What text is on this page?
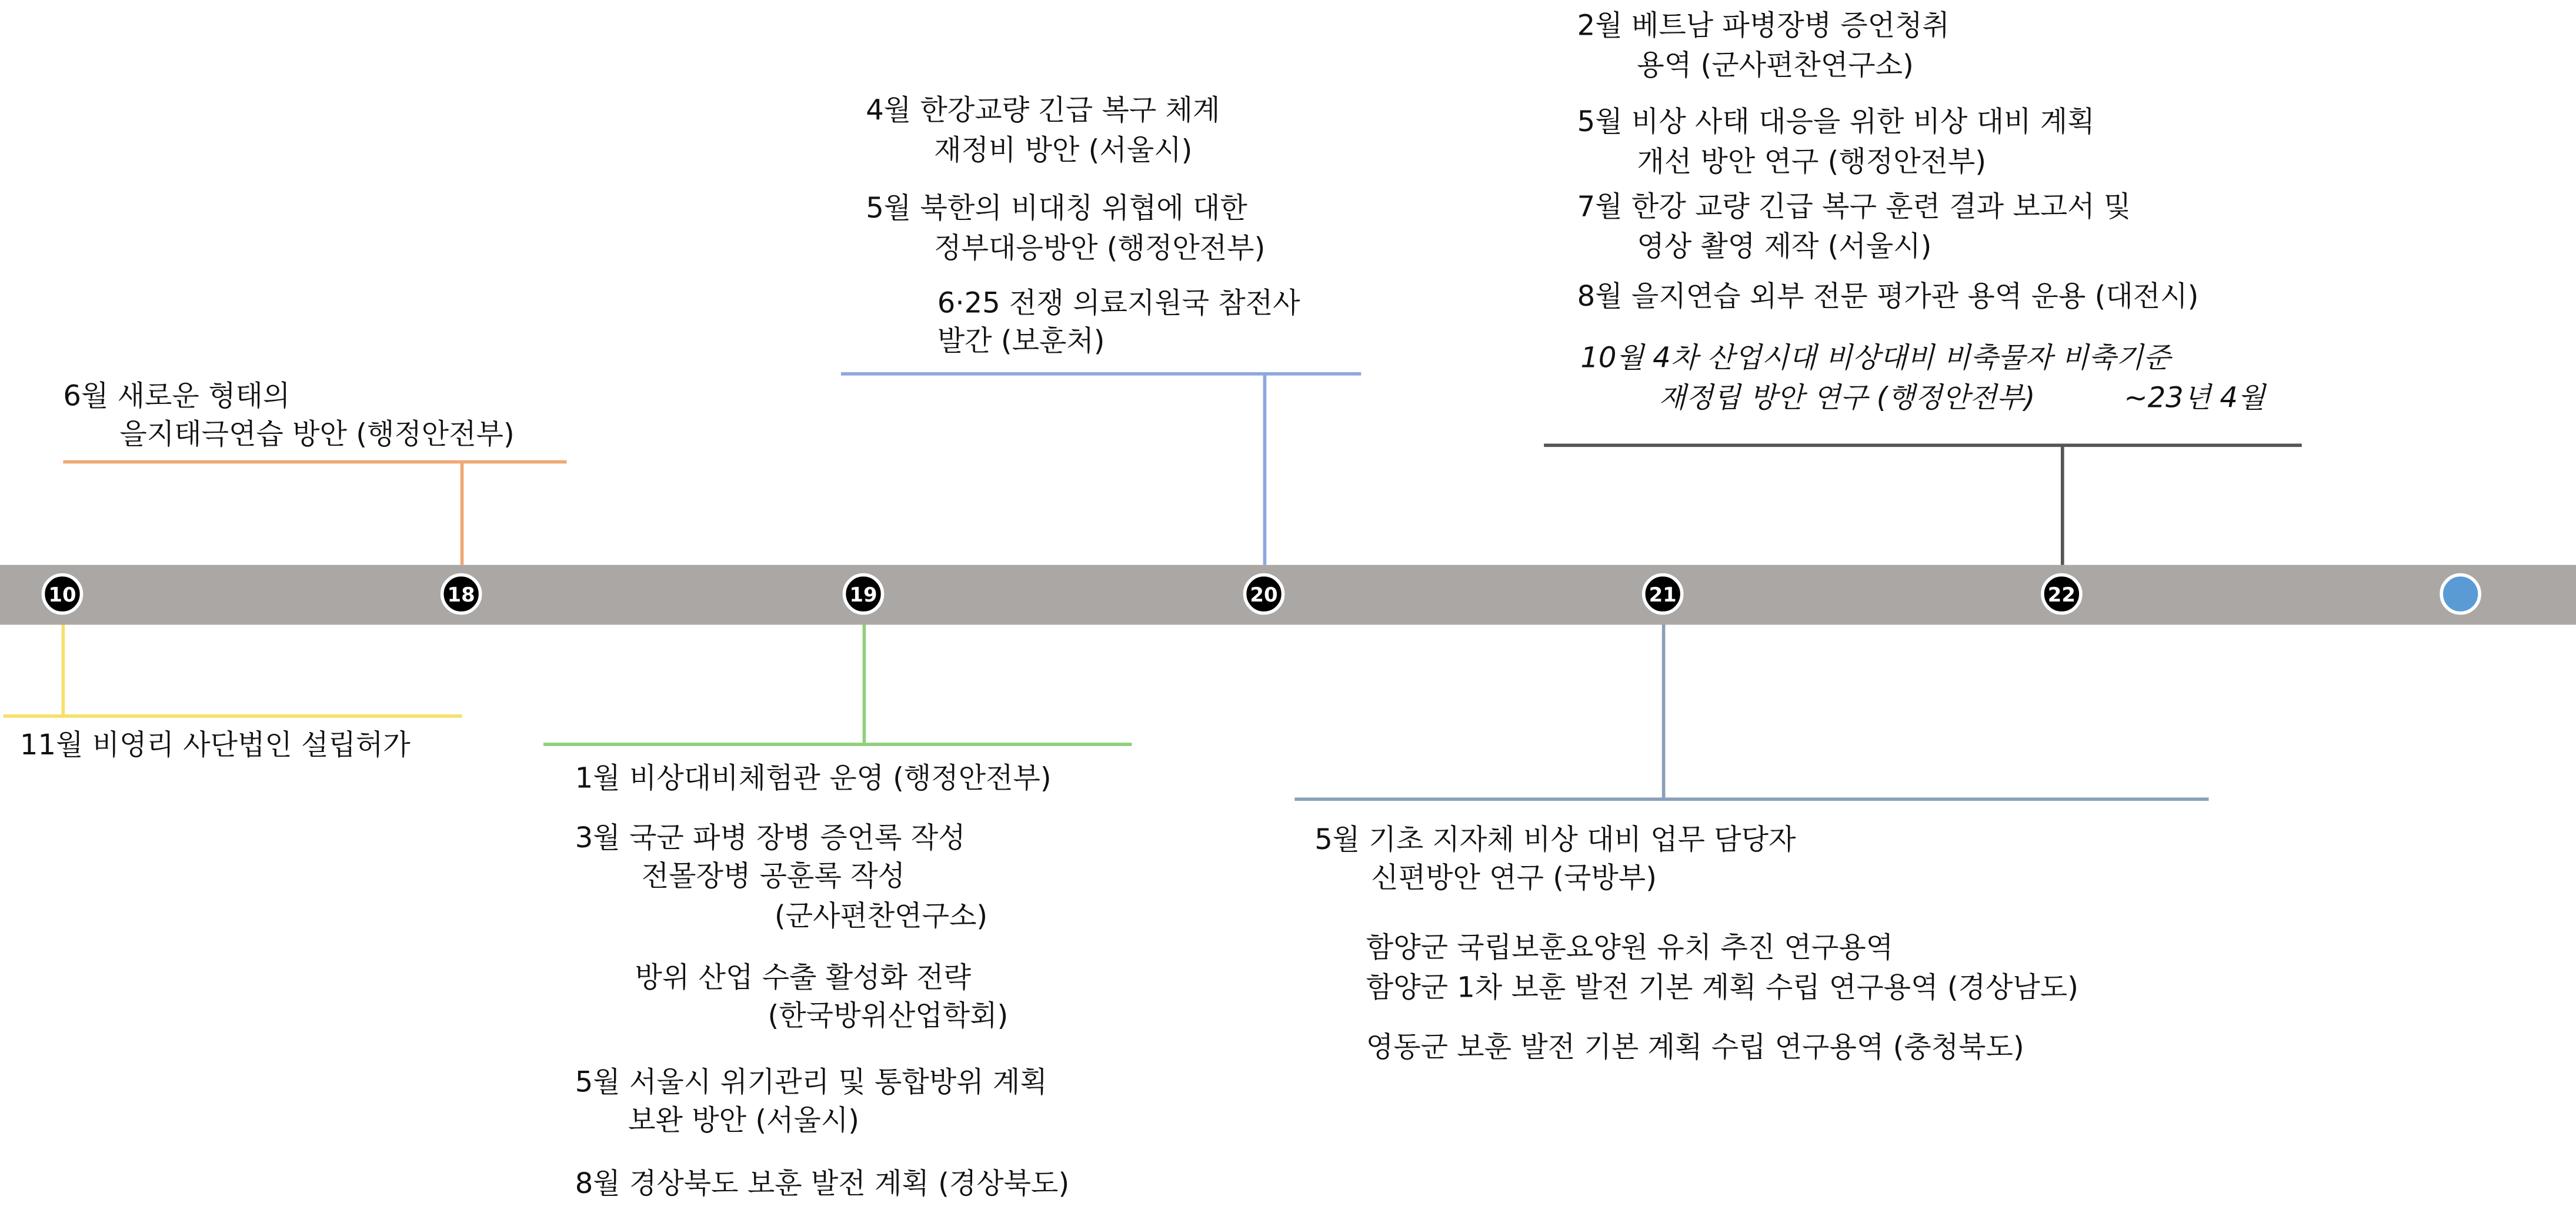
10	18	19	20	21	22
11월 비영리 사단법인 설립허가
6월 새로운 형태의
을지태극연습 방안 (행정안전부)
1월 비상대비체험관 운영 (행정안전부)
3월 국군 파병 장병 증언록 작성
전몰장병 공훈록 작성
(군사편찬연구소)
방위 산업 수출 활성화 전략
(한국방위산업학회)
5월 서울시 위기관리 및 통합방위 계획
보완 방안 (서울시)
8월 경상북도 보훈 발전 계획 (경상북도)
4월 한강교량 긴급 복구 체계
재정비 방안 (서울시)
5월 북한의 비대칭 위협에 대한
정부대응방안 (행정안전부)
6·25 전쟁 의료지원국 참전사
발간 (보훈처)
5월 기초 지자체 비상 대비 업무 담당자
신편방안 연구 (국방부)
함양군 국립보훈요양원 유치 추진 연구용역
함양군 1차 보훈 발전 기본 계획 수립 연구용역 (경상남도)
영동군 보훈 발전 기본 계획 수립 연구용역 (충청북도)
2월 베트남 파병장병 증언청취
용역 (군사편찬연구소)
5월 비상 사태 대응을 위한 비상 대비 계획
개선 방안 연구 (행정안전부)
7월 한강 교량 긴급 복구 훈련 결과 보고서 및
영상 촬영 제작 (서울시)
8월 을지연습 외부 전문 평가관 용역 운용 (대전시)
10월 4차 산업시대 비상대비 비축물자 비축기준
재정립 방안 연구 (행정안전부)	~23년 4월
